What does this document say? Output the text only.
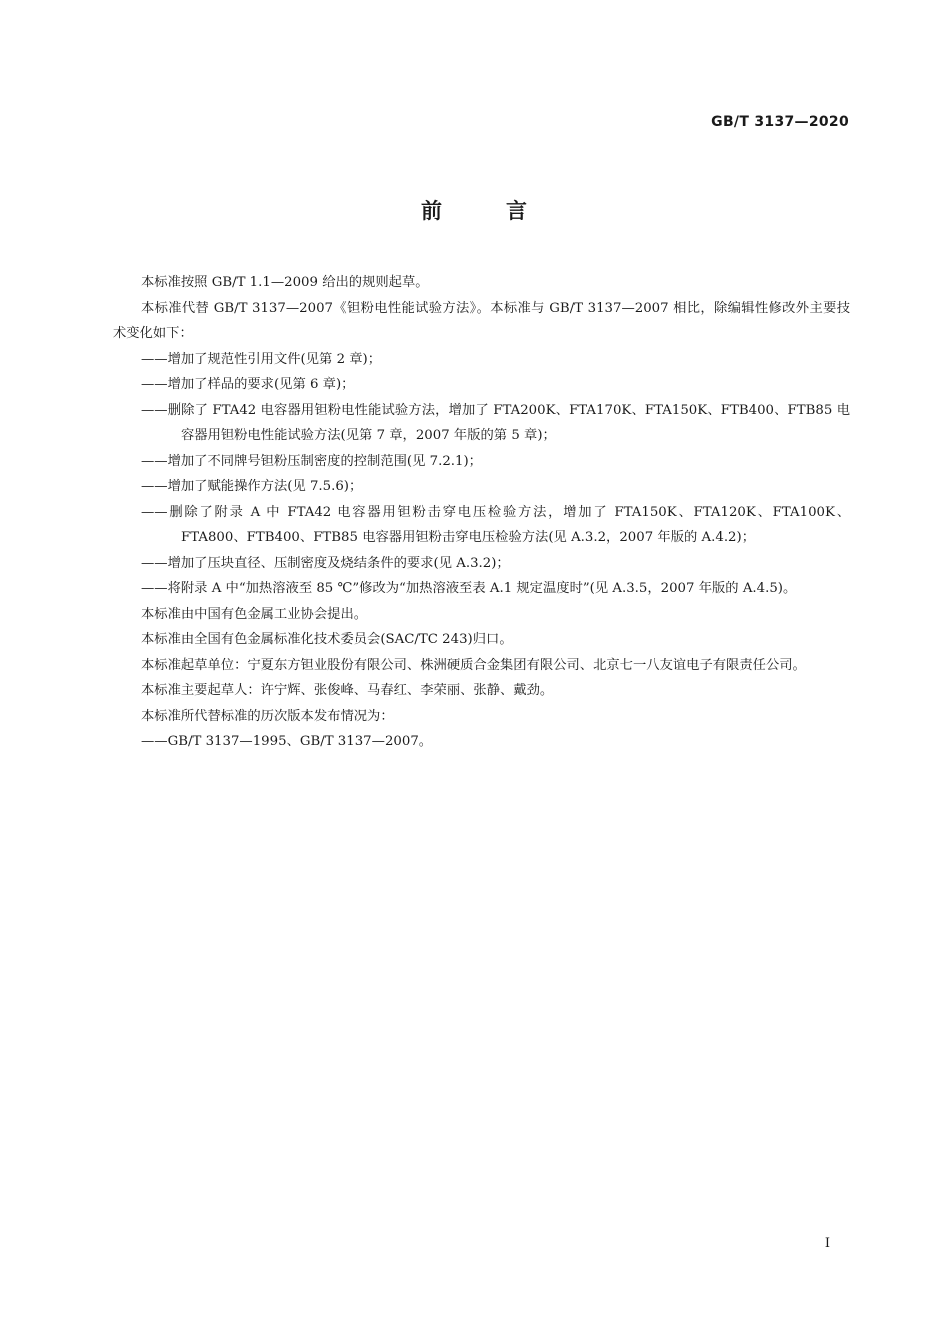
GB/T 3137—2020
前	言

本标准按照 GB/T 1.1—2009 给出的规则起草。

本标准代替 GB/T 3137—2007《钽粉电性能试验方法》。本标准与 GB/T 3137—2007 相比，除编辑性修改外主要技术变化如下：

——增加了规范性引用文件(见第 2 章)；
——增加了样品的要求(见第 6 章)；
——删除了 FTA42 电容器用钽粉电性能试验方法，增加了 FTA200K、FTA170K、FTA150K、FTB400、FTB85 电容器用钽粉电性能试验方法(见第 7 章，2007 年版的第 5 章)；
——增加了不同牌号钽粉压制密度的控制范围(见 7.2.1)；
——增加了赋能操作方法(见 7.5.6)；
——删除了附录 A 中 FTA42 电容器用钽粉击穿电压检验方法，增加了 FTA150K、FTA120K、FTA100K、FTA800、FTB400、FTB85 电容器用钽粉击穿电压检验方法(见 A.3.2，2007 年版的 A.4.2)；
——增加了压块直径、压制密度及烧结条件的要求(见 A.3.2)；
——将附录 A 中“加热溶液至 85 ℃”修改为“加热溶液至表 A.1 规定温度时”(见 A.3.5，2007 年版的 A.4.5)。

本标准由中国有色金属工业协会提出。

本标准由全国有色金属标准化技术委员会(SAC/TC 243)归口。

本标准起草单位：宁夏东方钽业股份有限公司、株洲硬质合金集团有限公司、北京七一八友谊电子有限责任公司。

本标准主要起草人：许宁辉、张俊峰、马春红、李荣丽、张静、戴劲。

本标准所代替标准的历次版本发布情况为：

——GB/T 3137—1995、GB/T 3137—2007。
I
